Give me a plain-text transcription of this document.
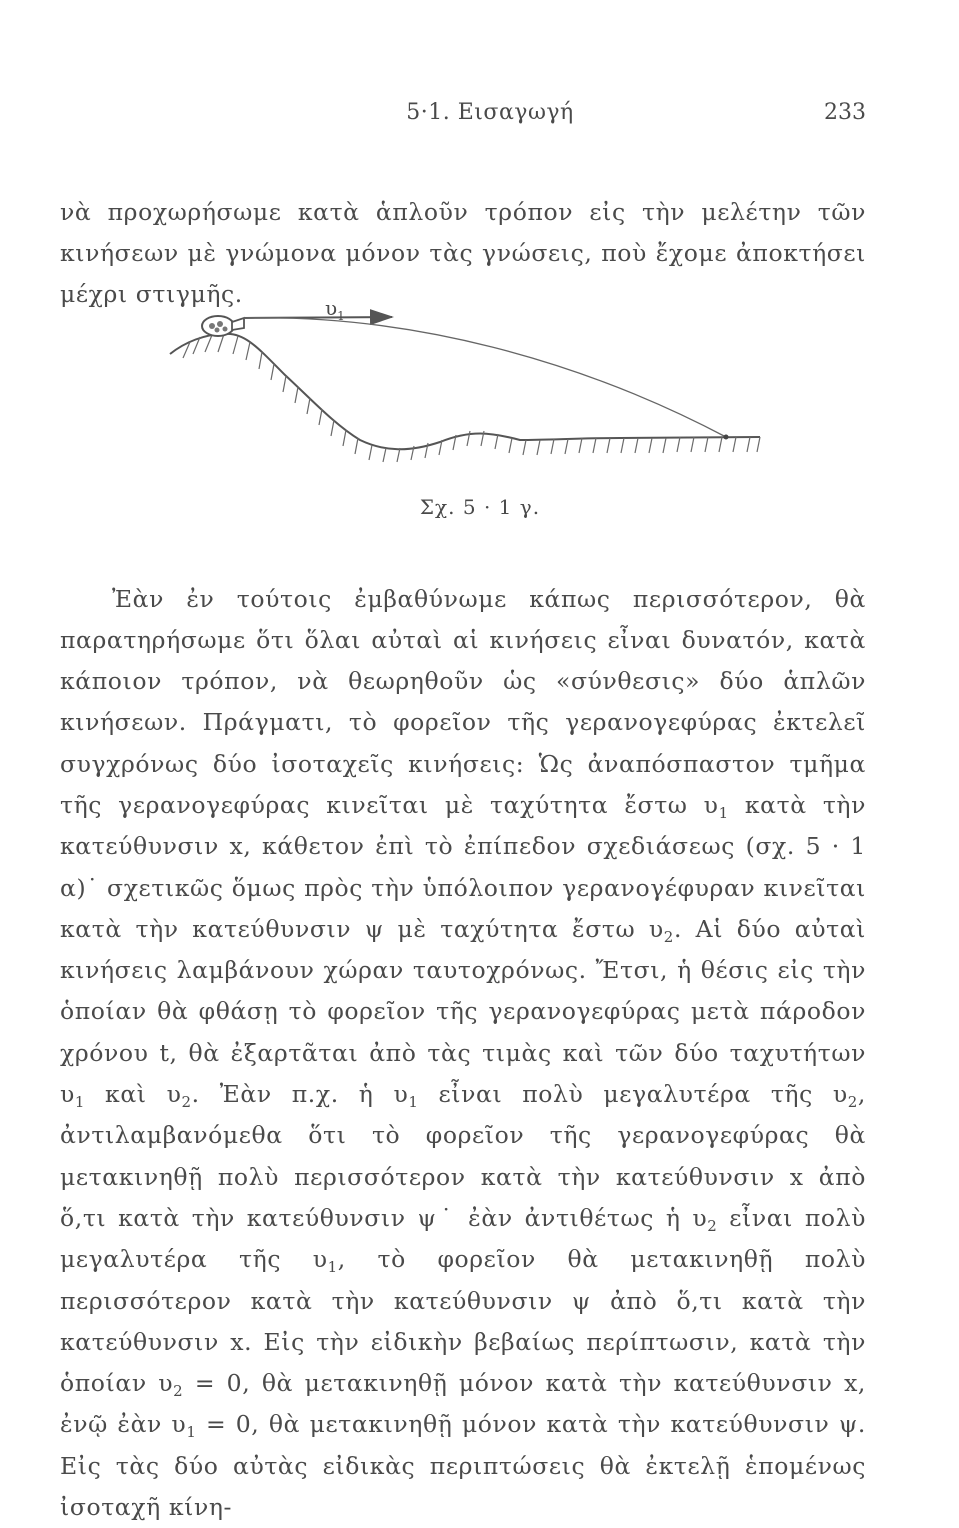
5·1. Εισαγωγή	233

νὰ προχωρήσωμε κατὰ ἁπλοῦν τρόπον εἰς τὴν μελέτην τῶν κινήσεων μὲ γνώμονα μόνον τὰς γνώσεις, ποὺ ἔχομε ἀποκτήσει μέχρι στιγμῆς.	$\upsilon_1$
Σχ. 5 · 1 γ.

Ἐὰν ἐν τούτοις ἐμβαθύνωμε κάπως περισσότερον, θὰ παρατηρήσωμε ὅτι ὅλαι αὐταὶ αἱ κινήσεις εἶναι δυνατόν, κατὰ κάποιον τρόπον, νὰ θεωρηθοῦν ὡς «σύνθεσις» δύο ἁπλῶν κινήσεων. Πράγματι, τὸ φορεῖον τῆς γερανογεφύρας ἐκτελεῖ συγχρόνως δύο ἰσοταχεῖς κινήσεις: Ὡς ἀναπόσπαστον τμῆμα τῆς γερανογεφύρας κινεῖται μὲ ταχύτητα ἔστω $\upsilon_1$ κατὰ τὴν κατεύθυνσιν x, κάθετον ἐπὶ τὸ ἐπίπεδον σχεδιάσεως (σχ. 5 · 1 α)˙ σχετικῶς ὅμως πρὸς τὴν ὑπόλοιπον γερανογέφυραν κινεῖται κατὰ τὴν κατεύθυνσιν ψ μὲ ταχύτητα ἔστω $\upsilon_2$. Αἱ δύο αὐταὶ κινήσεις λαμβάνουν χώραν ταυτοχρόνως. Ἔτσι, ἡ θέσις εἰς τὴν ὁποίαν θὰ φθάσῃ τὸ φορεῖον τῆς γερανογεφύρας μετὰ πάροδον χρόνου t, θὰ ἐξαρτᾶται ἀπὸ τὰς τιμὰς καὶ τῶν δύο ταχυτήτων $\upsilon_1$ καὶ $\upsilon_2$. Ἐὰν π.χ. ἡ $\upsilon_1$ εἶναι πολὺ μεγαλυτέρα τῆς $\upsilon_2$, ἀντιλαμβανόμεθα ὅτι τὸ φορεῖον τῆς γερανογεφύρας θὰ μετακινηθῇ πολὺ περισσότερον κατὰ τὴν κατεύθυνσιν x ἀπὸ ὅ,τι κατὰ τὴν κατεύθυνσιν ψ˙ ἐὰν ἀντιθέτως ἡ $\upsilon_2$ εἶναι πολὺ μεγαλυτέρα τῆς $\upsilon_1$, τὸ φορεῖον θὰ μετακινηθῇ πολὺ περισσότερον κατὰ τὴν κατεύθυνσιν ψ ἀπὸ ὅ,τι κατὰ τὴν κατεύθυνσιν x. Εἰς τὴν εἰδικὴν βεβαίως περίπτωσιν, κατὰ τὴν ὁποίαν $\upsilon_2 = 0$, θὰ μετακινηθῇ μόνον κατὰ τὴν κατεύθυνσιν x, ἐνῷ ἐὰν $\upsilon_1 = 0$, θὰ μετακινηθῇ μόνον κατὰ τὴν κατεύθυνσιν ψ. Εἰς τὰς δύο αὐτὰς εἰδικὰς περιπτώσεις θὰ ἐκτελῇ ἑπομένως ἰσοταχῆ κίνη-
